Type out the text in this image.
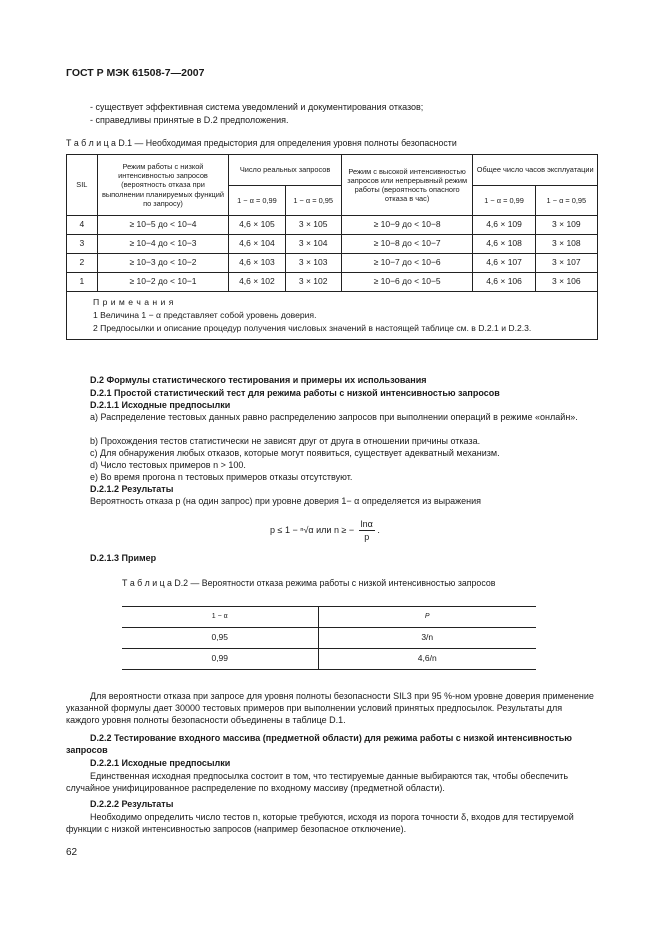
ГОСТ Р МЭК 61508-7—2007
- существует эффективная система уведомлений и документирования отказов;
- справедливы принятые в D.2 предположения.
Т а б л и ц а D.1 — Необходимая предыстория для определения уровня полноты безопасности
SIL	Режим работы с низкой интенсивностью запросов (вероятность отказа при выполнении планируемых функций по запросу)	Число реальных запросов		Режим с высокой интенсивностью запросов или непрерывный режим работы (вероятность опасного отказа в час)	Общее число часов эксплуатации	
		1 − α = 0,99	1 − α = 0,95		1 − α = 0,99	1 − α = 0,95
4	≥ 10−5 до < 10−4	4,6 × 105	3 × 105	≥ 10−9 до < 10−8	4,6 × 109	3 × 109
3	≥ 10−4 до < 10−3	4,6 × 104	3 × 104	≥ 10−8 до < 10−7	4,6 × 108	3 × 108
2	≥ 10−3 до < 10−2	4,6 × 103	3 × 103	≥ 10−7 до < 10−6	4,6 × 107	3 × 107
1	≥ 10−2 до < 10−1	4,6 × 102	3 × 102	≥ 10−6 до < 10−5	4,6 × 106	3 × 106

П р и м е ч а н и я
1 Величина 1 − α представляет собой уровень доверия.
2 Предпосылки и описание процедур получения числовых значений в настоящей таблице см. в D.2.1 и D.2.3.						
D.2 Формулы статистического тестирования и примеры их использования
D.2.1 Простой статистический тест для режима работы с низкой интенсивностью запросов
D.2.1.1 Исходные предпосылки
а) Распределение тестовых данных равно распределению запросов при выполнении операций в режиме «онлайн».
b) Прохождения тестов статистически не зависят друг от друга в отношении причины отказа.
с) Для обнаружения любых отказов, которые могут появиться, существует адекватный механизм.
d) Число тестовых примеров n > 100.
е) Во время прогона n тестовых примеров отказы отсутствуют.
D.2.1.2 Результаты
Вероятность отказа p (на один запрос) при уровне доверия 1− α определяется из выражения
p ≤ 1 − ⁿ√α или n ≥ − $\frac{\ln\alpha}{p}$ .
D.2.1.3 Пример
Т а б л и ц а D.2 — Вероятности отказа режима работы с низкой интенсивностью запросов
1 − α	P
0,95	3/n
0,99	4,6/n
Для вероятности отказа при запросе для уровня полноты безопасности SIL3 при 95 %-ном уровне доверия применение указанной формулы дает 30000 тестовых примеров при выполнении условий принятых предпосылок. Результаты для каждого уровня полноты безопасности объединены в таблице D.1.
D.2.2 Тестирование входного массива (предметной области) для режима работы с низкой интенсивностью запросов
D.2.2.1 Исходные предпосылки
Единственная исходная предпосылка состоит в том, что тестируемые данные выбираются так, чтобы обеспечить случайное унифицированное распределение по входному массиву (предметной области).
D.2.2.2 Результаты
Необходимо определить число тестов n, которые требуются, исходя из порога точности δ, входов для тестируемой функции с низкой интенсивностью запросов (например безопасное отключение).
62
